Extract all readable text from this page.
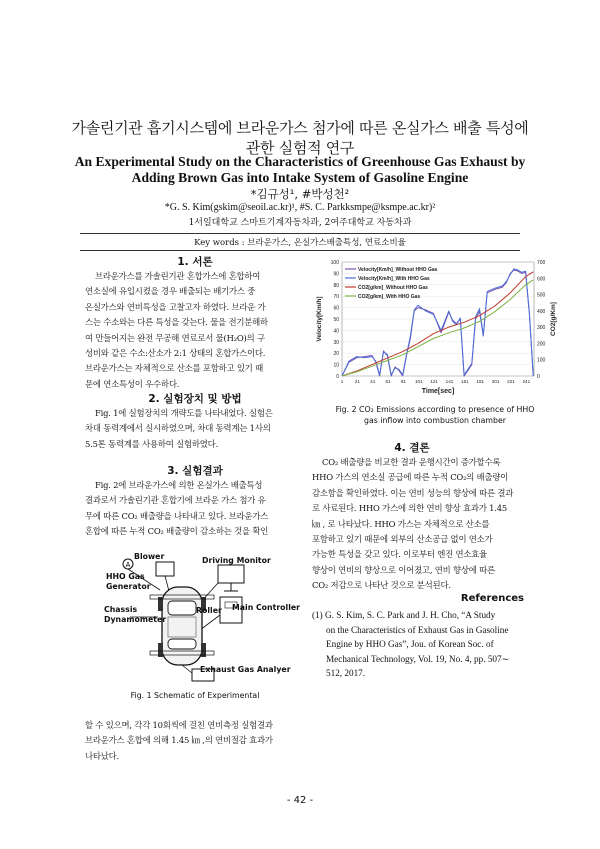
가솔린기관 흡기시스템에 브라운가스 첨가에 따른 온실가스 배출 특성에
관한 실험적 연구
An Experimental Study on the Characteristics of Greenhouse Gas Exhaust by
Adding Brown Gas into Intake System of Gasoline Engine
*김규성¹, #박성천²
*G. S. Kim(gskim@seoil.ac.kr)¹, #S. C. Parkksmpe@ksmpe.ac.kr)²
1서일대학교 스마트기계자동차과, 2여주대학교 자동차과
Key words : 브라운가스, 온실가스배출특성, 연료소비율
1. 서론
브라운가스를 가솔린기관 혼합가스에 혼합하여
연소실에 유입시켰을 경우 배출되는 배기가스 중
온실가스와 연비특성을 고찰고자 하였다. 브라운 가
스는 수소와는 다른 특성을 갖는다. 물을 전기분해하
여 만들어지는 완전 무공해 연료로서 물(H₂O)의 구
성비와 같은 수소:산소가 2:1 상태의 혼합가스이다.
브라운가스는 자체적으로 산소를 포함하고 있기 때
문에 연소특성이 우수하다.
2. 실험장치 및 방법
Fig. 1에 실험장치의 개략도를 나타내었다. 실험은
차대 동력계에서 실시하였으며, 차대 동력계는 1사의
5.5톤 동력계를 사용하여 실험하였다.
3. 실험결과
Fig. 2에 브라운가스에 의한 온실가스 배출특성
결과로서 가솔린기관 혼합기에 브라운 가스 첨가 유
무에 따른 CO₂ 배출량을 나타내고 있다. 브라운가스
혼합에 따른 누적 CO₂ 배출량이 감소하는 것을 확인
A
Blower
HHO Gas
Generator
Driving Monitor
Chassis
Dynamometer
Roller Main Controller
Exhaust Gas Analyer
Fig. 1 Schematic of Experimental
할 수 있으며, 각각 10회씩에 걸친 연비측정 실험결과
브라운가스 혼합에 의해 1.45 ㎞ ,의 연비절감 효과가
나타났다.
0
10
20
30
40
50
60
70
80
90
100
0
100
200
300
400
500
600
700
1	21 41 61 81 101 121 141 161 181 201 221 241
Time[sec]
Velocity[Km/h]	CO2[g/Km]
Velocity[Km/h]_Without HHO Gas
Velocity[Km/h]_With HHO Gas
CO2[g/km]_Without HHO Gas
CO2[g/km]_With HHO Gas
Fig. 2 CO₂ Emissions according to presence of HHO
gas inflow into combustion chamber
4. 결론
CO₂ 배출량을 비교한 결과 운행시간이 증가할수록
HHO 가스의 연소실 공급에 따른 누적 CO₂의 배출량이
감소함을 확인하였다. 이는 연비 성능의 향상에 따른 결과
로 사료된다. HHO 가스에 의한 연비 향상 효과가 1.45
㎞ , 로 나타났다. HHO 가스는 자체적으로 산소를
포함하고 있기 때문에 외부의 산소공급 없이 연소가
가능한 특성을 갖고 있다. 이로부터 엔진 연소효율
향상이 연비의 향상으로 이어졌고, 연비 향상에 따른
CO₂ 저감으로 나타난 것으로 분석된다.
References
(1) G. S. Kim, S. C. Park and J. H. Cho, “A Study
on the Characteristics of Exhaust Gas in Gasoline
Engine by HHO Gas”, Jou. of Korean Soc. of
Mechanical Technology, Vol. 19, No. 4, pp. 507∼
512, 2017.
- 42 -
